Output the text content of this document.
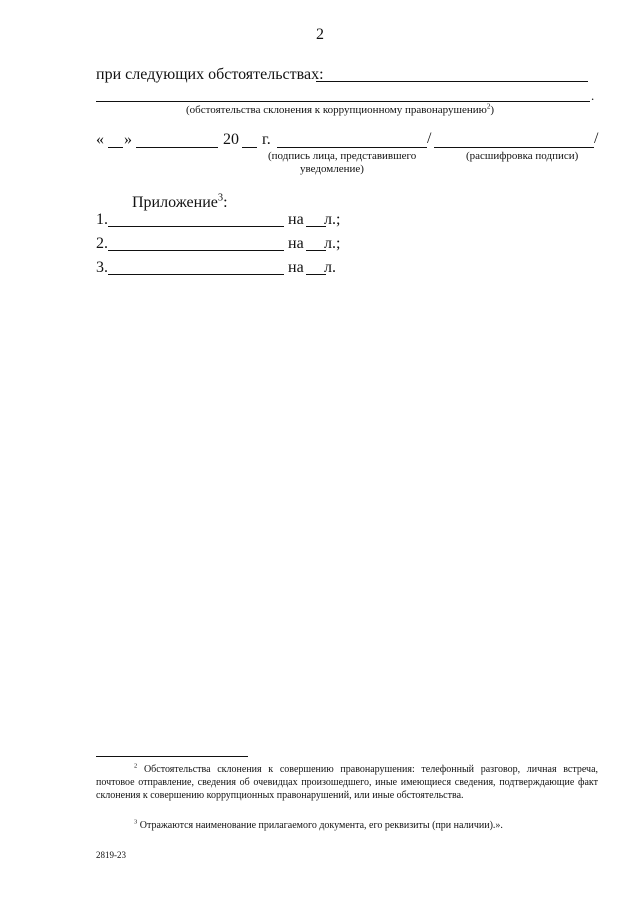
2
при следующих обстоятельствах:
.
(обстоятельства склонения к коррупционному правонарушению$^2$)
« »	20 г.	/	/
(подпись лица, представившего
уведомление)
(расшифровка подписи)
Приложение$^3$:
1.	на л.;
2.	на л.;
3.	на л.
$^2$ Обстоятельства склонения к совершению правонарушения: телефонный разговор, личная встреча, почтовое отправление, сведения об очевидцах произошедшего, иные имеющиеся сведения, подтверждающие факт склонения к совершению коррупционных правонарушений, или иные обстоятельства.
$^3$ Отражаются наименование прилагаемого документа, его реквизиты (при наличии).».
2819-23
